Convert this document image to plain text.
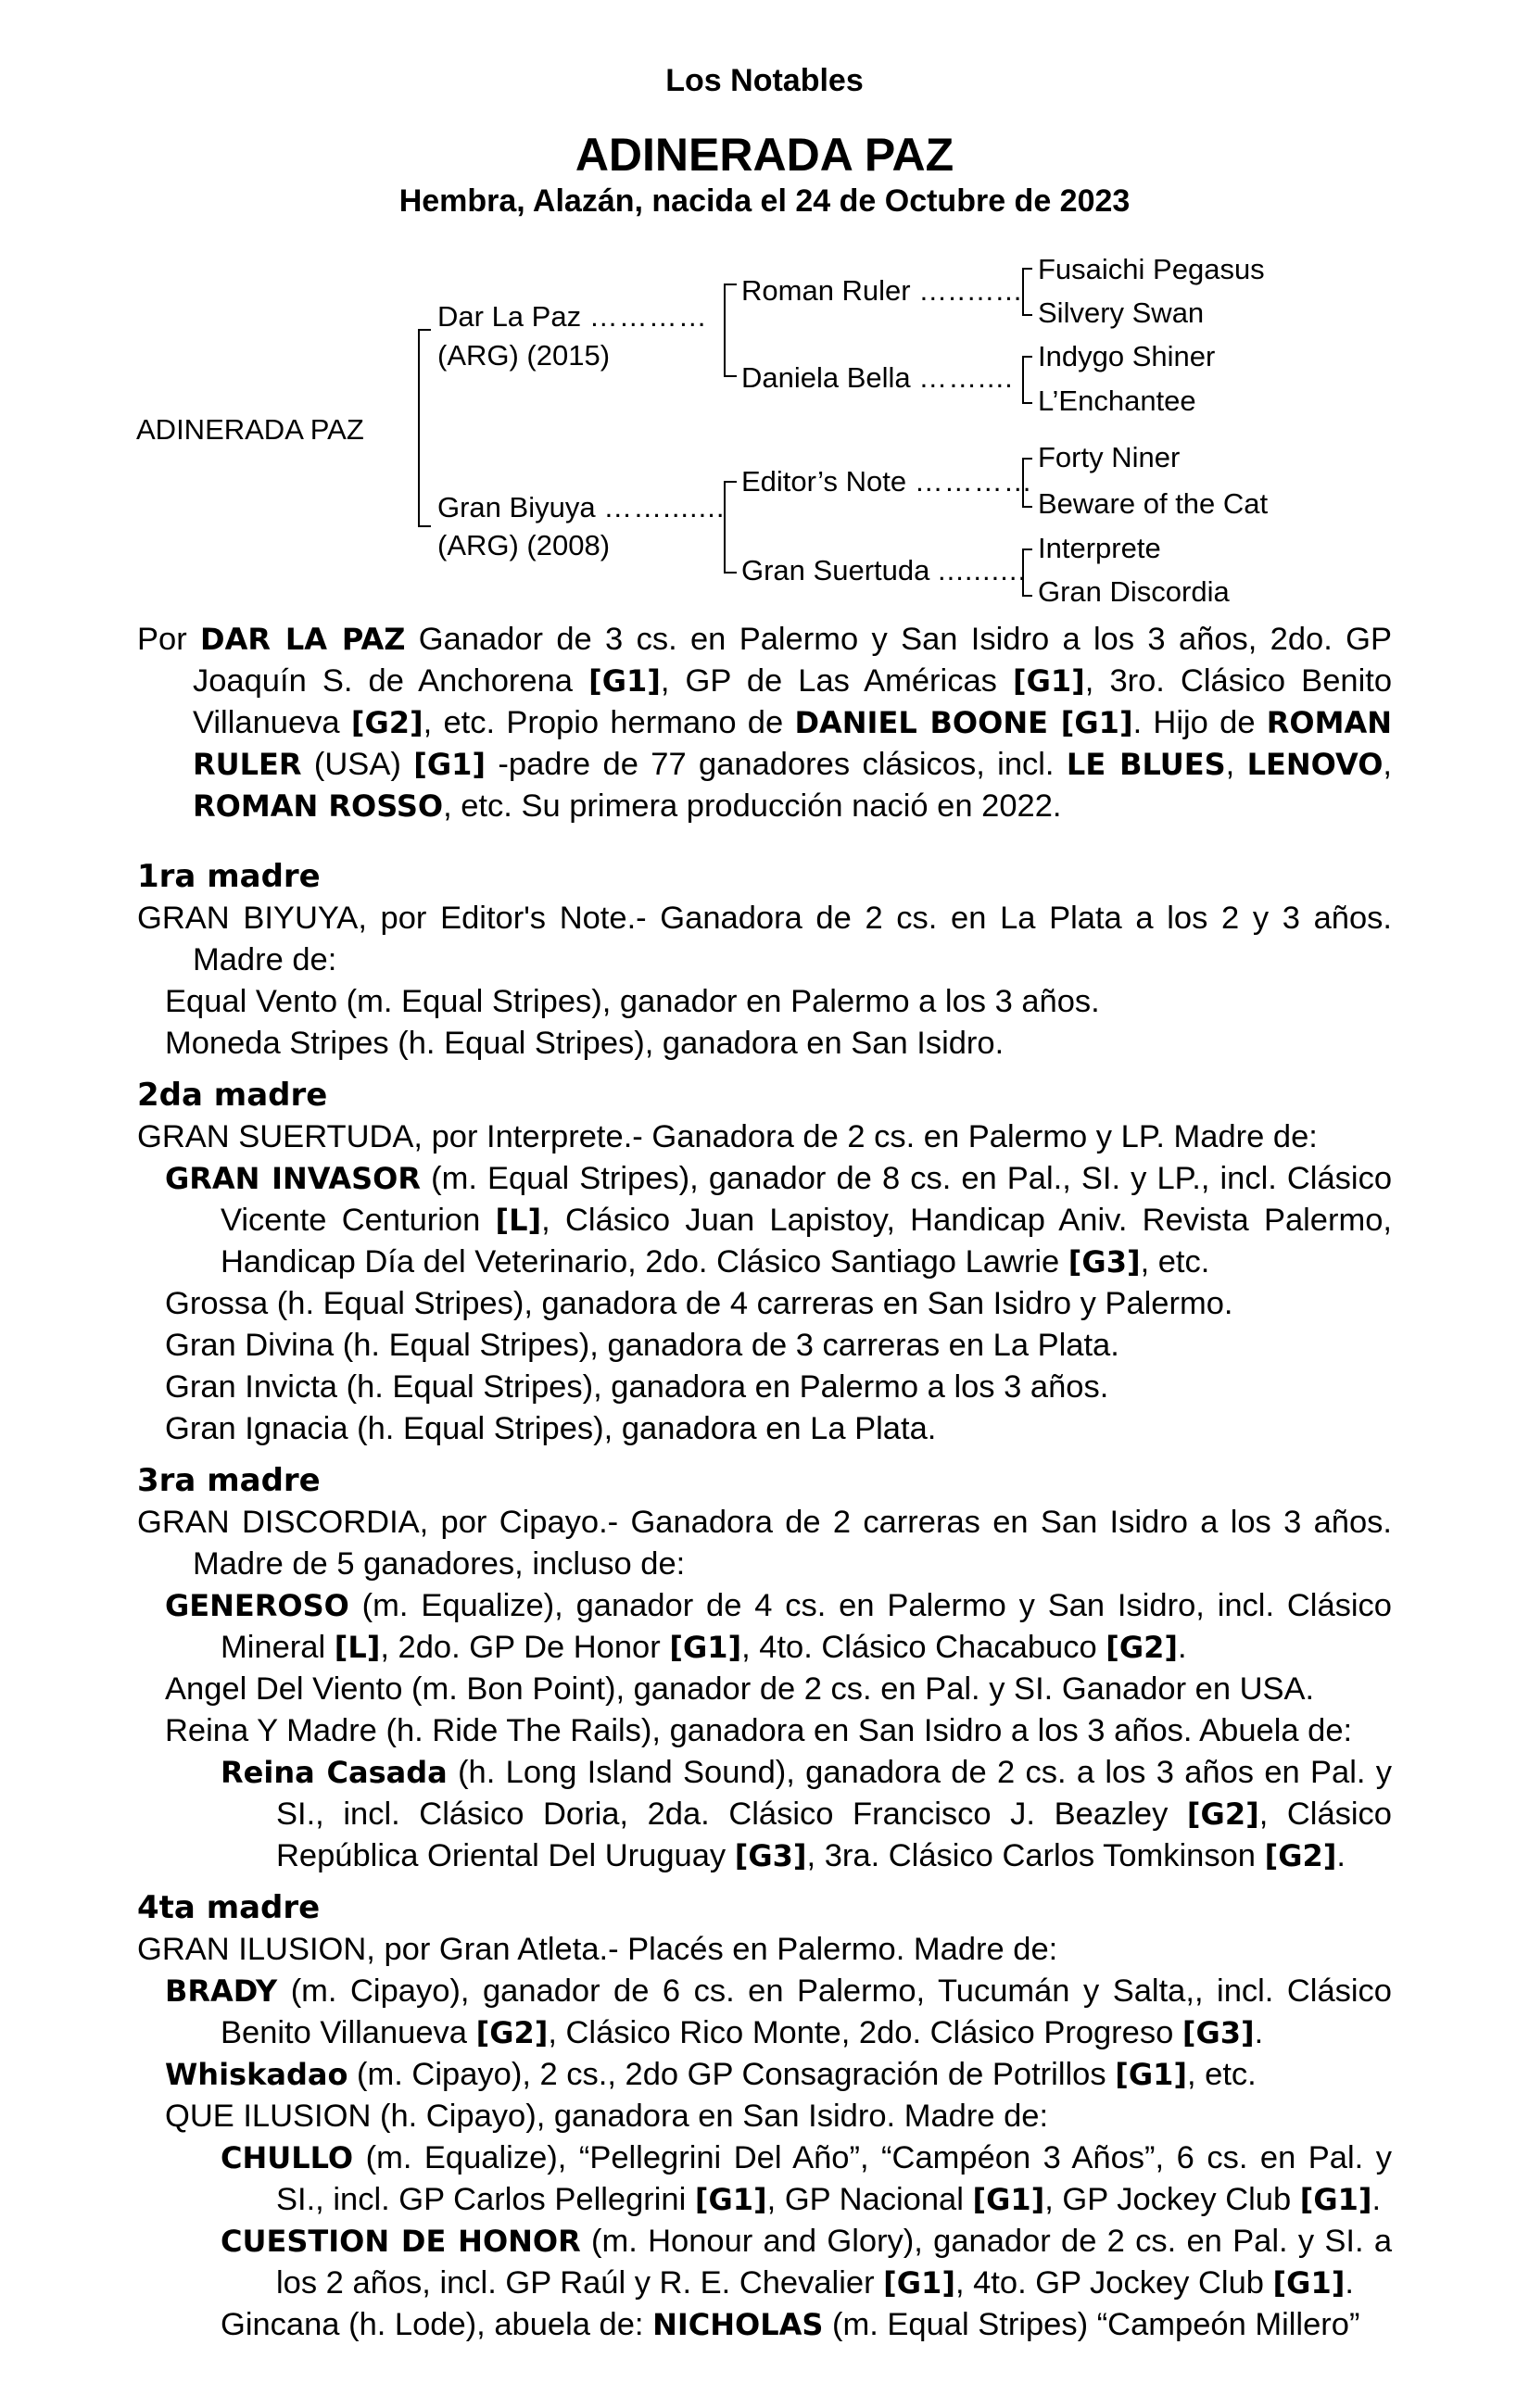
Los Notables
ADINERADA PAZ
Hembra, Alazán, nacida el 24 de Octubre de 2023
ADINERADA PAZ
Dar La Paz …………
(ARG) (2015)
Gran Biyuya …….......
(ARG) (2008)
Roman Ruler …..…...
Daniela Bella ……....
Editor’s Note …………
Gran Suertuda ..........
Fusaichi Pegasus
Silvery Swan
Indygo Shiner
L’Enchantee
Forty Niner
Beware of the Cat
Interprete
Gran Discordia

Por DAR LA PAZ Ganador de 3 cs. en Palermo y San Isidro a los 3 años, 2do. GP Joaquín S. de Anchorena [G1], GP de Las Américas [G1], 3ro. Clásico Benito Villanueva [G2], etc. Propio hermano de DANIEL BOONE [G1]. Hijo de ROMAN RULER (USA) [G1] -padre de 77 ganadores clásicos, incl. LE BLUES, LENOVO, ROMAN ROSSO, etc. Su primera producción nació en 2022.

1ra madre

GRAN BIYUYA, por Editor's Note.- Ganadora de 2 cs. en La Plata a los 2 y 3 años. Madre de:

Equal Vento (m. Equal Stripes), ganador en Palermo a los 3 años.

Moneda Stripes (h. Equal Stripes), ganadora en San Isidro.

2da madre

GRAN SUERTUDA, por Interprete.- Ganadora de 2 cs. en Palermo y LP. Madre de:

GRAN INVASOR (m. Equal Stripes), ganador de 8 cs. en Pal., SI. y LP., incl. Clásico Vicente Centurion [L], Clásico Juan Lapistoy, Handicap Aniv. Revista Palermo, Handicap Día del Veterinario, 2do. Clásico Santiago Lawrie [G3], etc.

Grossa (h. Equal Stripes), ganadora de 4 carreras en San Isidro y Palermo.

Gran Divina (h. Equal Stripes), ganadora de 3 carreras en La Plata.

Gran Invicta (h. Equal Stripes), ganadora en Palermo a los 3 años.

Gran Ignacia (h. Equal Stripes), ganadora en La Plata.

3ra madre

GRAN DISCORDIA, por Cipayo.- Ganadora de 2 carreras en San Isidro a los 3 años. Madre de 5 ganadores, incluso de:

GENEROSO (m. Equalize), ganador de 4 cs. en Palermo y San Isidro, incl. Clásico Mineral [L], 2do. GP De Honor [G1], 4to. Clásico Chacabuco [G2].

Angel Del Viento (m. Bon Point), ganador de 2 cs. en Pal. y SI. Ganador en USA.

Reina Y Madre (h. Ride The Rails), ganadora en San Isidro a los 3 años. Abuela de:

Reina Casada (h. Long Island Sound), ganadora de 2 cs. a los 3 años en Pal. y SI., incl. Clásico Doria, 2da. Clásico Francisco J. Beazley [G2], Clásico República Oriental Del Uruguay [G3], 3ra. Clásico Carlos Tomkinson [G2].

4ta madre

GRAN ILUSION, por Gran Atleta.- Placés en Palermo. Madre de:

BRADY (m. Cipayo), ganador de 6 cs. en Palermo, Tucumán y Salta,, incl. Clásico Benito Villanueva [G2], Clásico Rico Monte, 2do. Clásico Progreso [G3].

Whiskadao (m. Cipayo), 2 cs., 2do GP Consagración de Potrillos [G1], etc.

QUE ILUSION (h. Cipayo), ganadora en San Isidro. Madre de:

CHULLO (m. Equalize), “Pellegrini Del Año”, “Campéon 3 Años”, 6 cs. en Pal. y SI., incl. GP Carlos Pellegrini [G1], GP Nacional [G1], GP Jockey Club [G1].

CUESTION DE HONOR (m. Honour and Glory), ganador de 2 cs. en Pal. y SI. a los 2 años, incl. GP Raúl y R. E. Chevalier [G1], 4to. GP Jockey Club [G1].

Gincana (h. Lode), abuela de: NICHOLAS (m. Equal Stripes) “Campeón Millero”
